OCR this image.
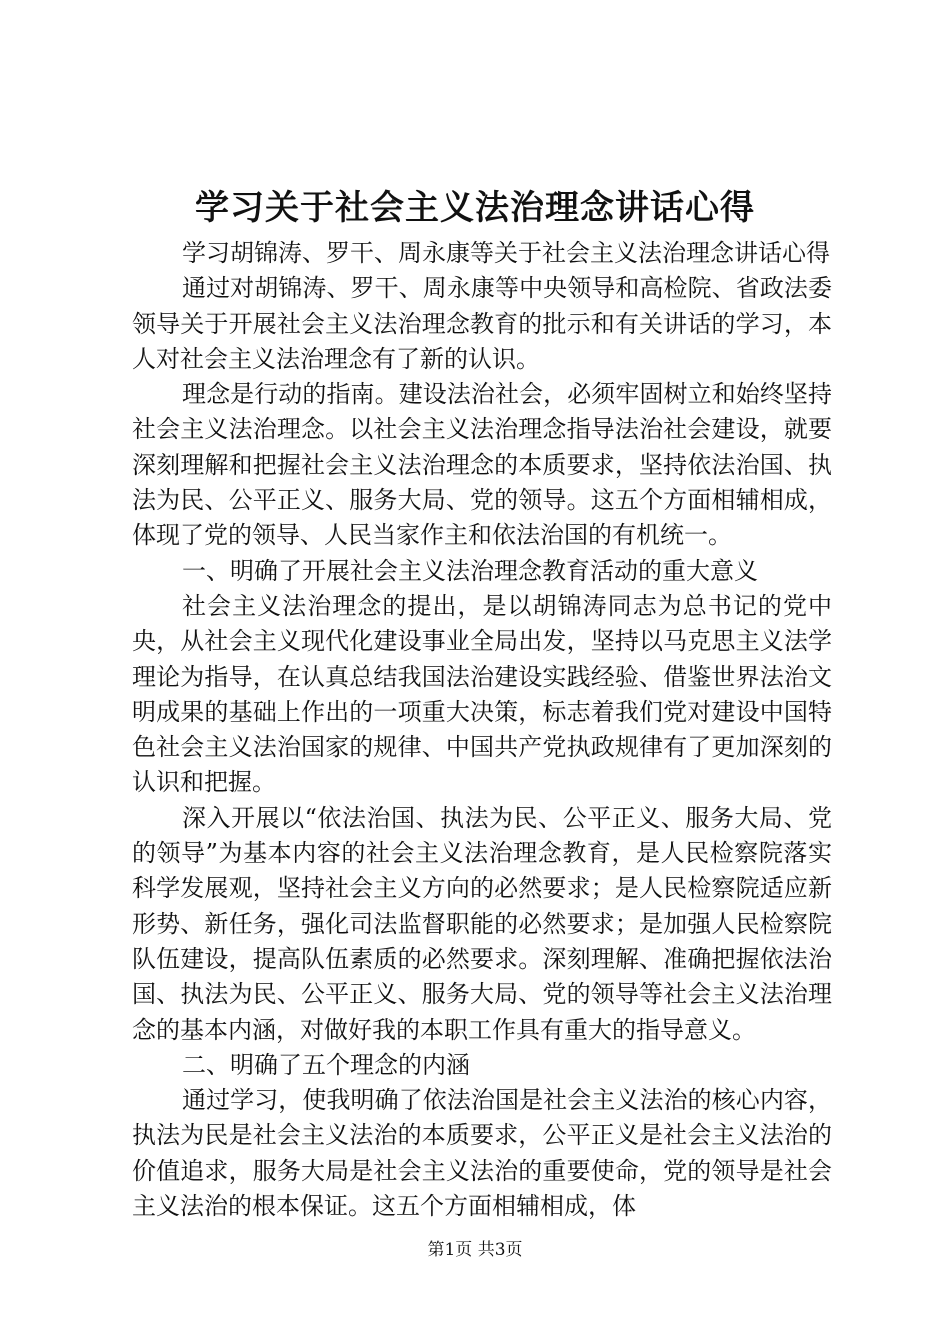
学习关于社会主义法治理念讲话心得

学习胡锦涛、罗干、周永康等关于社会主义法治理念讲话心得

通过对胡锦涛、罗干、周永康等中央领导和高检院、省政法委领导关于开展社会主义法治理念教育的批示和有关讲话的学习，本人对社会主义法治理念有了新的认识。

理念是行动的指南。建设法治社会，必须牢固树立和始终坚持社会主义法治理念。以社会主义法治理念指导法治社会建设，就要深刻理解和把握社会主义法治理念的本质要求，坚持依法治国、执法为民、公平正义、服务大局、党的领导。这五个方面相辅相成，体现了党的领导、人民当家作主和依法治国的有机统一。

一、明确了开展社会主义法治理念教育活动的重大意义

社会主义法治理念的提出，是以胡锦涛同志为总书记的党中央，从社会主义现代化建设事业全局出发，坚持以马克思主义法学理论为指导，在认真总结我国法治建设实践经验、借鉴世界法治文明成果的基础上作出的一项重大决策，标志着我们党对建设中国特色社会主义法治国家的规律、中国共产党执政规律有了更加深刻的认识和把握。

深入开展以“依法治国、执法为民、公平正义、服务大局、党的领导”为基本内容的社会主义法治理念教育，是人民检察院落实科学发展观，坚持社会主义方向的必然要求；是人民检察院适应新形势、新任务，强化司法监督职能的必然要求；是加强人民检察院队伍建设，提高队伍素质的必然要求。深刻理解、准确把握依法治国、执法为民、公平正义、服务大局、党的领导等社会主义法治理念的基本内涵，对做好我的本职工作具有重大的指导意义。

二、明确了五个理念的内涵

通过学习，使我明确了依法治国是社会主义法治的核心内容，执法为民是社会主义法治的本质要求，公平正义是社会主义法治的价值追求，服务大局是社会主义法治的重要使命，党的领导是社会主义法治的根本保证。这五个方面相辅相成，体

第1页 共3页
